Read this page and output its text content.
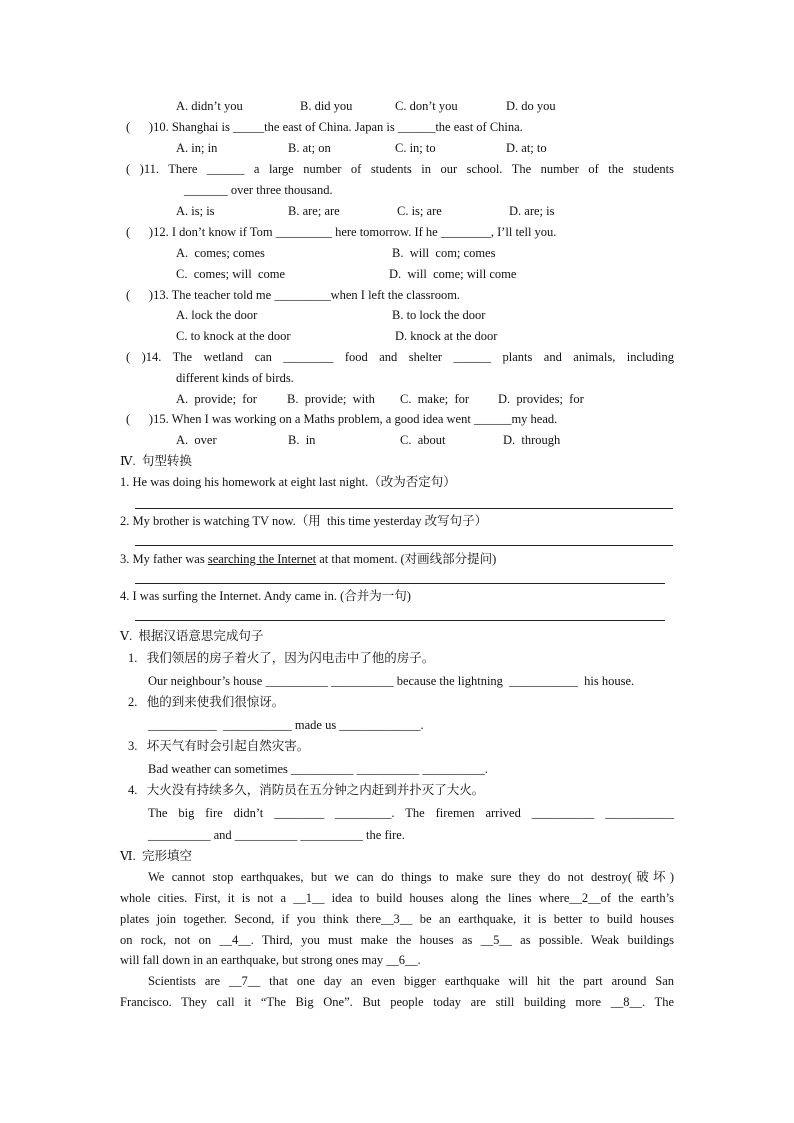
A. didn’t you	B. did you	C. don’t you	D. do you
(      )10. Shanghai is _____the east of China. Japan is ______the east of China.
A. in; in	B. at; on	C. in; to	D. at; to
( )11. There ______ a large number of students in our school. The number of the students
_______ over three thousand.
A. is; is	B. are; are	C. is; are	D. are; is
(      )12. I don’t know if Tom _________ here tomorrow. If he ________, I’ll tell you.
A.  comes; comes	B.  will  com; comes
C.  comes; will  come	D.  will  come; will come
(      )13. The teacher told me _________when I left the classroom.
A. lock the door	B. to lock the door
C. to knock at the door	D. knock at the door
( )14. The wetland can ________ food and shelter ______ plants and animals, including
different kinds of birds.
A.  provide;  for B.  provide;  with C.  make;  for D.  provides;  for
(      )15. When I was working on a Maths problem, a good idea went ______my head.
A.  over	B.  in	C.  about	D.  through
Ⅳ.  句型转换
1. He was doing his homework at eight last night.（改为否定句）
2. My brother is watching TV now.（用  this time yesterday 改写句子）
3. My father was searching the Internet at that moment. (对画线部分提问)
4. I was surfing the Internet. Andy came in. (合并为一句)
Ⅴ.  根据汉语意思完成句子
1.   我们领居的房子着火了，因为闪电击中了他的房子。
Our neighbour’s house __________ __________ because the lightning  ___________  his house.
2.   他的到来使我们很惊讶。
___________  ___________ made us _____________.
3.   坏天气有时会引起自然灾害。
Bad weather can sometimes __________ __________ __________.
4.   大火没有持续多久，消防员在五分钟之内赶到并扑灭了大火。
The big fire didn’t ________ _________. The firemen arrived __________ ___________
__________ and __________ __________ the fire.
Ⅵ.  完形填空
We cannot stop earthquakes, but we can do things to make sure they do not destroy(破坏)
whole cities. First, it is not a __1__ idea to build houses along the lines where__2__of the earth’s
plates join together. Second, if you think there__3__ be an earthquake, it is better to build houses
on rock, not on __4__. Third, you must make the houses as __5__ as possible. Weak buildings
will fall down in an earthquake, but strong ones may __6__.
Scientists are __7__ that one day an even bigger earthquake will hit the part around San
Francisco. They call it “The Big One”. But people today are still building more __8__. The
